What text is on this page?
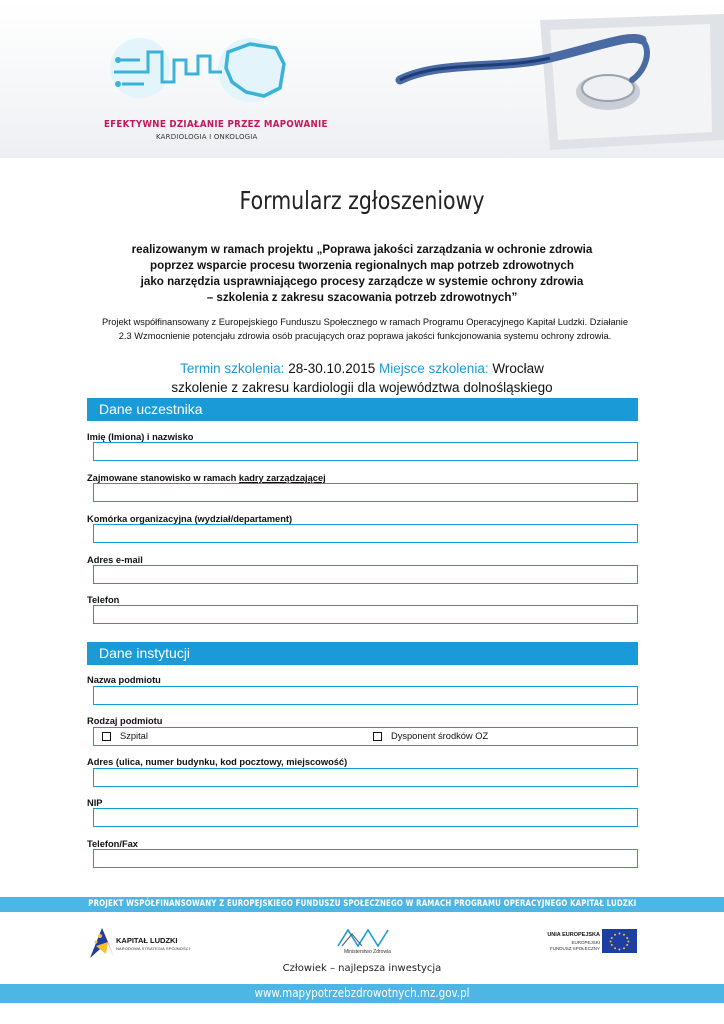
EFEKTYWNE DZIAŁANIE PRZEZ MAPOWANIE
KARDIOLOGIA I ONKOLOGIA
Formularz zgłoszeniowy
realizowanym w ramach projektu „Poprawa jakości zarządzania w ochronie zdrowia
poprzez wsparcie procesu tworzenia regionalnych map potrzeb zdrowotnych
jako narzędzia usprawniającego procesy zarządcze w systemie ochrony zdrowia
– szkolenia z zakresu szacowania potrzeb zdrowotnych”
Projekt współfinansowany z Europejskiego Funduszu Społecznego w ramach Programu Operacyjnego Kapitał Ludzki. Działanie
2.3 Wzmocnienie potencjału zdrowia osób pracujących oraz poprawa jakości funkcjonowania systemu ochrony zdrowia.
Termin szkolenia: 28-30.10.2015 Miejsce szkolenia: Wrocław
szkolenie z zakresu kardiologii dla województwa dolnośląskiego
Dane uczestnika
Imię (Imiona) i nazwisko
Zajmowane stanowisko w ramach kadry zarządzającej
Komórka organizacyjna (wydział/departament)
Adres e-mail
Telefon
Dane instytucji
Nazwa podmiotu
Rodzaj podmiotu
Szpital	Dysponent środków OZ
Adres (ulica, numer budynku, kod pocztowy, miejscowość)
NIP
Telefon/Fax
PROJEKT WSPÓŁFINANSOWANY Z EUROPEJSKIEGO FUNDUSZU SPOŁECZNEGO W RAMACH PROGRAMU OPERACYJNEGO KAPITAŁ LUDZKI
KAPITAŁ LUDZKI
NARODOWA STRATEGIA SPÓJNOŚCI
Ministerstwo Zdrowia
UNIA EUROPEJSKA
EUROPEJSKI
FUNDUSZ SPOŁECZNY
Człowiek – najlepsza inwestycja
www.mapypotrzebzdrowotnych.mz.gov.pl
